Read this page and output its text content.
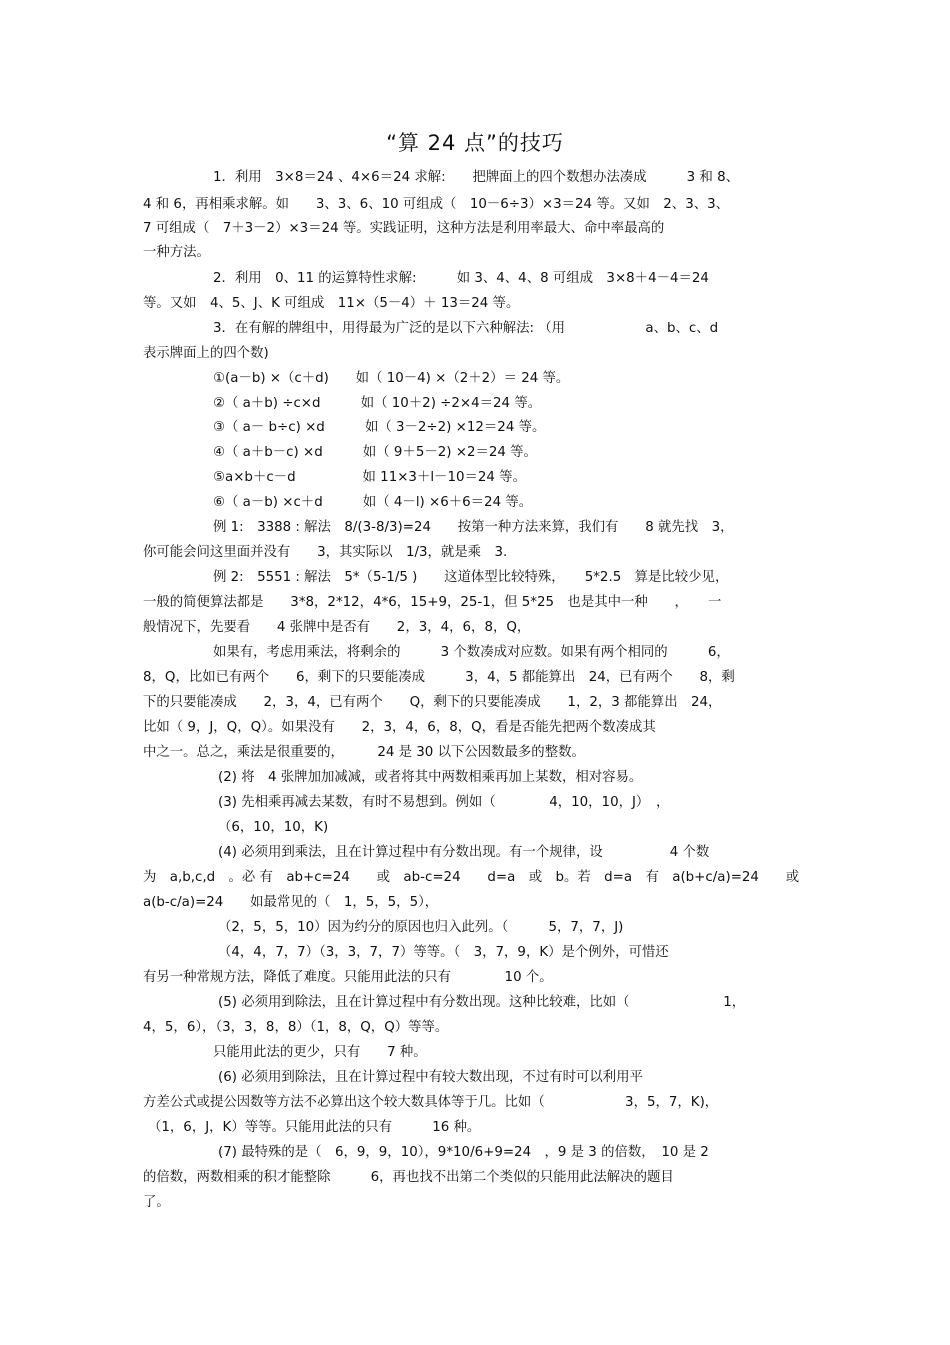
“算 24 点”的技巧
1．利用　3×8＝24 、4×6＝24 求解:　　把牌面上的四个数想办法凑成　　　3 和 8、
4 和 6，再相乘求解。如　　3、3、6、10 可组成（　10－6÷3）×3＝24 等。又如　2、3、3、
7 可组成（　7＋3－2）×3＝24 等。实践证明，这种方法是利用率最大、命中率最高的
一种方法。
2．利用　0、11 的运算特性求解:　　　如 3、4、4、8 可组成　3×8＋4－4＝24
等。又如　4、5、J、K 可组成　11×（5－4）＋ 13＝24 等。
3．在有解的牌组中，用得最为广泛的是以下六种解法: （用　　　　　　a、b、c、d
表示牌面上的四个数)
①(a－b) ×（c＋d)　　如（ 10－4) ×（2＋2）＝ 24 等。
②（ a＋b) ÷c×d　　　如（ 10＋2) ÷2×4＝24 等。
③（ a－ b÷c) ×d　　　如（ 3－2÷2) ×12＝24 等。
④（ a＋b－c) ×d　　　如（ 9＋5－2) ×2＝24 等。
⑤a×b＋c－d　　　　　如 11×3＋l－10＝24 等。
⑥（ a－b) ×c＋d　　　如（ 4－l) ×6＋6＝24 等。
例 1:　3388 : 解法　8/(3-8/3)=24　　按第一种方法来算，我们有　　8 就先找　3，
你可能会问这里面并没有　　3，其实际以　1/3，就是乘　3.
例 2:　5551 : 解法　5*（5-1/5 )　　这道体型比较特殊，　　5*2.5　算是比较少见，
一般的简便算法都是　　3*8，2*12，4*6，15+9，25-1，但 5*25　也是其中一种　　，　　一
般情况下，先要看　　4 张牌中是否有　　2，3，4，6，8，Q，
如果有，考虑用乘法，将剩余的　　　3 个数凑成对应数。如果有两个相同的　　　6，
8，Q，比如已有两个　　6，剩下的只要能凑成　　　3，4，5 都能算出　24，已有两个　　8，剩
下的只要能凑成　　2，3，4，已有两个　　Q，剩下的只要能凑成　　1，2，3 都能算出　24，
比如（ 9，J，Q，Q）。如果没有　　2，3，4，6，8，Q，看是否能先把两个数凑成其
中之一。总之，乘法是很重要的，　　　24 是 30 以下公因数最多的整数。
(2) 将　4 张牌加加减减，或者将其中两数相乘再加上某数，相对容易。
(3) 先相乘再减去某数，有时不易想到。例如（　　　　4，10，10，J）　，
（6，10，10，K)
(4) 必须用到乘法，且在计算过程中有分数出现。有一个规律，设　　　　　4 个数
为　a,b,c,d　。必 有　ab+c=24　　或　ab-c=24　　d=a　或　b。若　d=a　有　a(b+c/a)=24　　或
a(b-c/a)=24　　如最常见的（　1，5，5，5），
（2，5，5，10）因为约分的原因也归入此列。（　　　5，7，7，J)
（4，4，7，7）（3，3，7，7）等等。（　3，7，9，K）是个例外，可惜还
有另一种常规方法，降低了难度。只能用此法的只有　　　　10 个。
(5) 必须用到除法，且在计算过程中有分数出现。这种比较难，比如（　　　　　　　1，
4，5，6），（3，3，8，8）（1，8，Q，Q）等等。
只能用此法的更少，只有　　7 种。
(6) 必须用到除法，且在计算过程中有较大数出现，不过有时可以利用平
方差公式或提公因数等方法不必算出这个较大数具体等于几。比如（　　　　　　3，5，7，K)，
（1，6，J，K）等等。只能用此法的只有　　　16 种。
(7) 最特殊的是（　6，9，9，10），9*10/6+9=24　，9 是 3 的倍数，　10 是 2
的倍数，两数相乘的积才能整除　　　6，再也找不出第二个类似的只能用此法解决的题目
了。
